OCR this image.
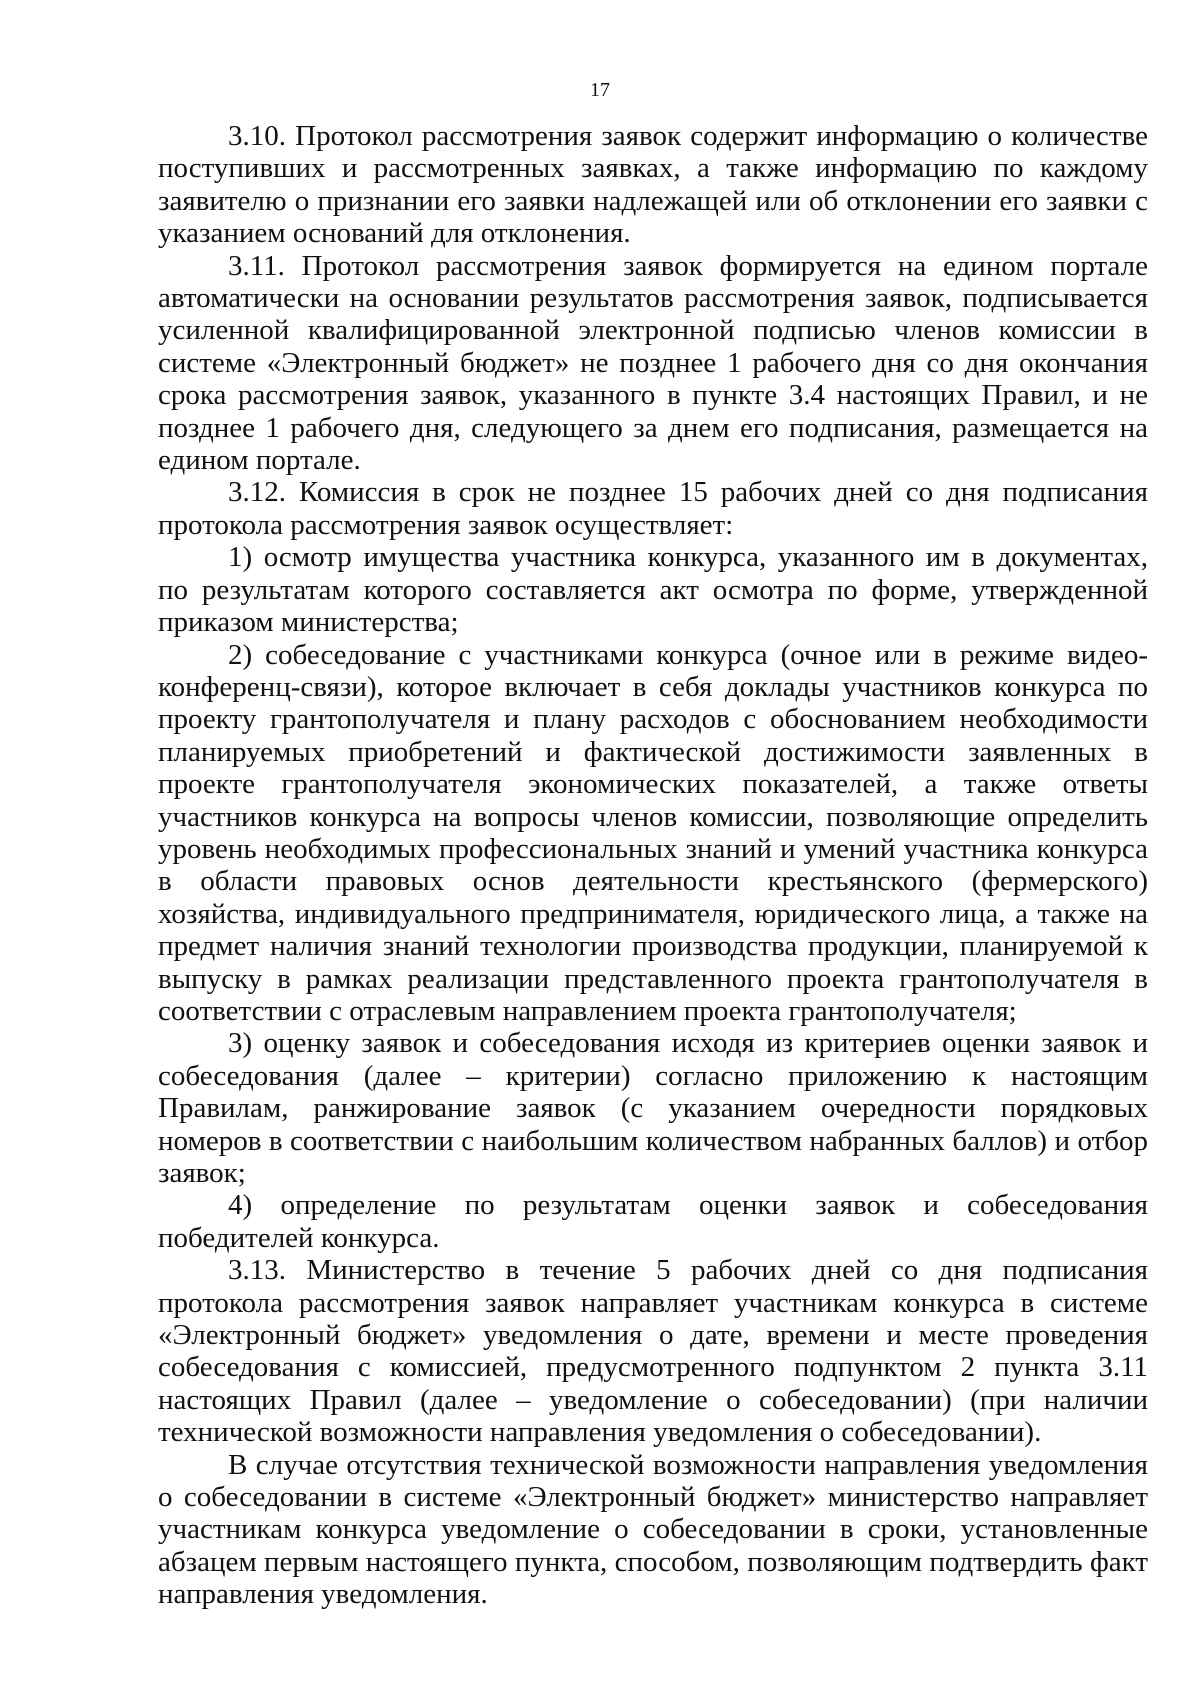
17

3.10. Протокол рассмотрения заявок содержит информацию о количестве поступивших и рассмотренных заявках, а также информацию по каждому заявителю о признании его заявки надлежащей или об отклонении его заявки с указанием оснований для отклонения.

3.11. Протокол рассмотрения заявок формируется на едином портале автоматически на основании результатов рассмотрения заявок, подписывается усиленной квалифицированной электронной подписью членов комиссии в системе «Электронный бюджет» не позднее 1 рабочего дня со дня окончания срока рассмотрения заявок, указанного в пункте 3.4 настоящих Правил, и не позднее 1 рабочего дня, следующего за днем его подписания, размещается на едином портале.

3.12. Комиссия в срок не позднее 15 рабочих дней со дня подписания протокола рассмотрения заявок осуществляет:

1) осмотр имущества участника конкурса, указанного им в документах, по результатам которого составляется акт осмотра по форме, утвержденной приказом министерства;

2) собеседование с участниками конкурса (очное или в режиме видео-конференц-связи), которое включает в себя доклады участников конкурса по проекту грантополучателя и плану расходов с обоснованием необходимости планируемых приобретений и фактической достижимости заявленных в проекте грантополучателя экономических показателей, а также ответы участников конкурса на вопросы членов комиссии, позволяющие определить уровень необходимых профессиональных знаний и умений участника конкурса в области правовых основ деятельности крестьянского (фермерского) хозяйства, индивидуального предпринимателя, юридического лица, а также на предмет наличия знаний технологии производства продукции, планируемой к выпуску в рамках реализации представленного проекта грантополучателя в соответствии с отраслевым направлением проекта грантополучателя;

3) оценку заявок и собеседования исходя из критериев оценки заявок и собеседования (далее – критерии) согласно приложению к настоящим Правилам, ранжирование заявок (с указанием очередности порядковых номеров в соответствии с наибольшим количеством набранных баллов) и отбор заявок;

4) определение по результатам оценки заявок и собеседования победителей конкурса.

3.13. Министерство в течение 5 рабочих дней со дня подписания протокола рассмотрения заявок направляет участникам конкурса в системе «Электронный бюджет» уведомления о дате, времени и месте проведения собеседования с комиссией, предусмотренного подпунктом 2 пункта 3.11 настоящих Правил (далее – уведомление о собеседовании) (при наличии технической возможности направления уведомления о собеседовании).

В случае отсутствия технической возможности направления уведомления о собеседовании в системе «Электронный бюджет» министерство направляет участникам конкурса уведомление о собеседовании в сроки, установленные абзацем первым настоящего пункта, способом, позволяющим подтвердить факт направления уведомления.
